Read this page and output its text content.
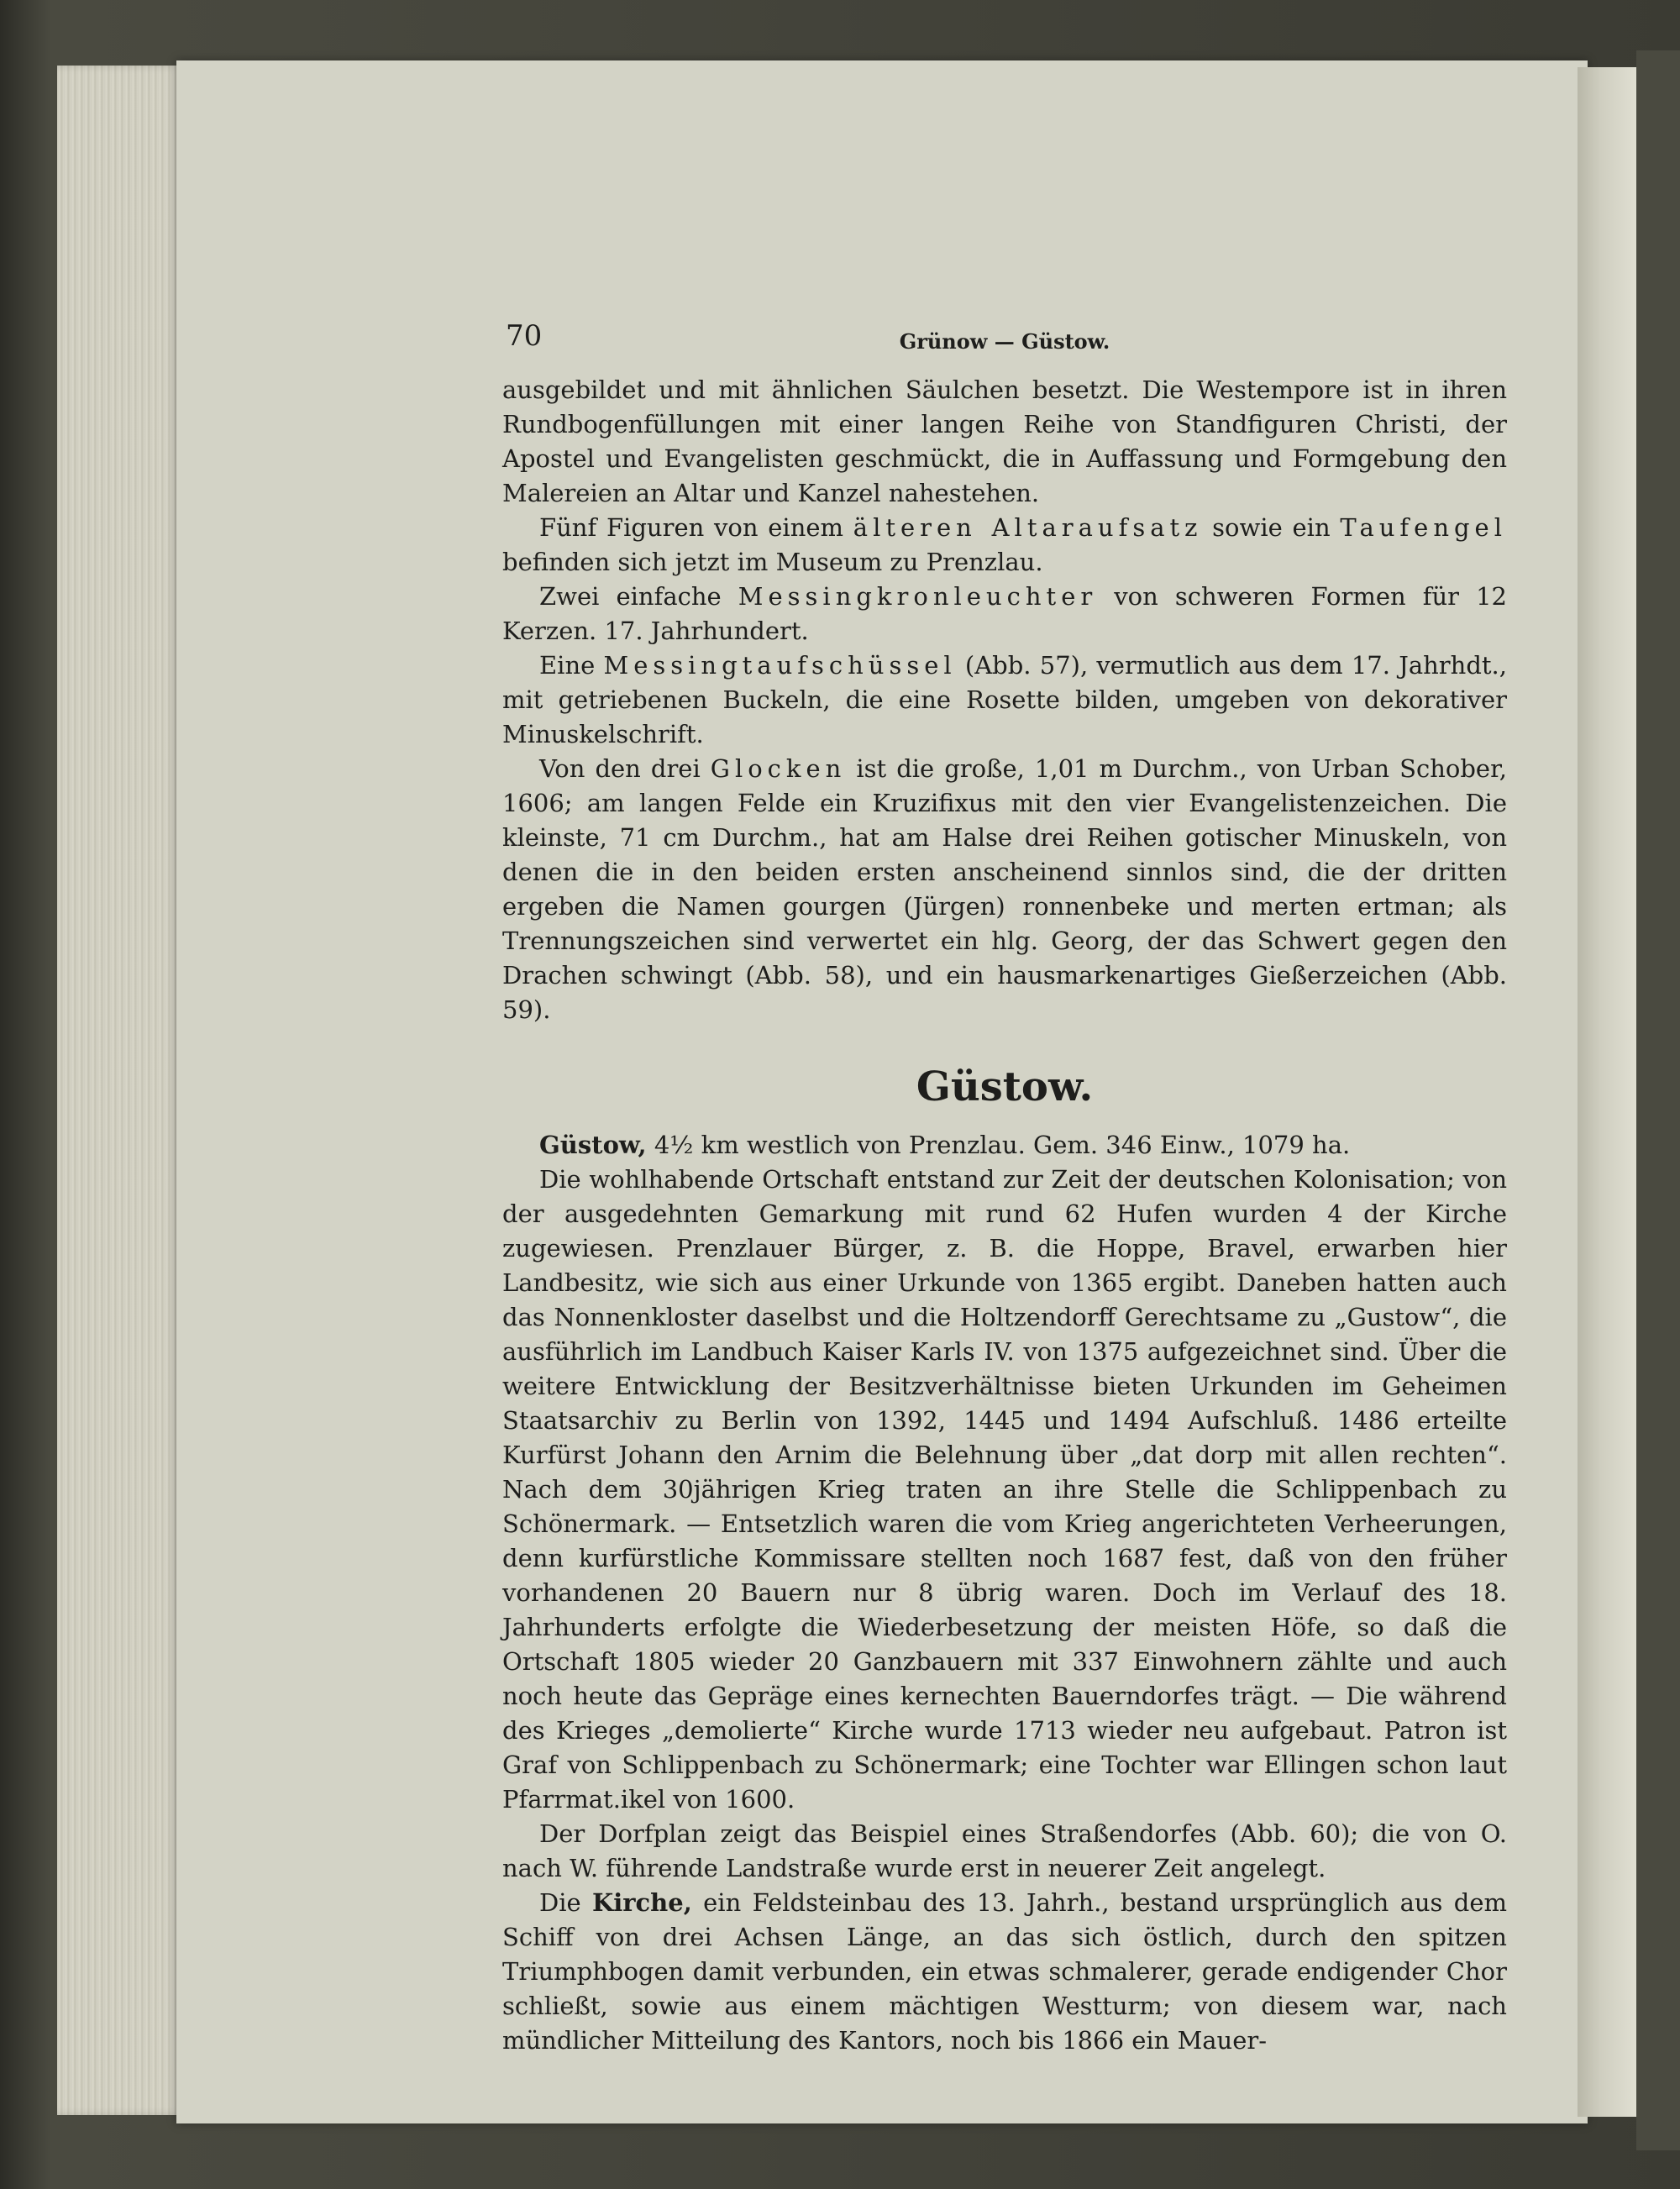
70	Grünow — Güstow.

ausgebildet und mit ähnlichen Säulchen besetzt. Die Westempore ist in ihren Rundbogenfüllungen mit einer langen Reihe von Standfiguren Christi, der Apostel und Evangelisten geschmückt, die in Auffassung und Formgebung den Malereien an Altar und Kanzel nahestehen.

Fünf Figuren von einem älteren Altaraufsatz sowie ein Taufengel befinden sich jetzt im Museum zu Prenzlau.

Zwei einfache Messingkronleuchter von schweren Formen für 12 Kerzen. 17. Jahrhundert.

Eine Messingtaufschüssel (Abb. 57), vermutlich aus dem 17. Jahrhdt., mit getriebenen Buckeln, die eine Rosette bilden, umgeben von dekorativer Minuskelschrift.

Von den drei Glocken ist die große, 1,01 m Durchm., von Urban Schober, 1606; am langen Felde ein Kruzifixus mit den vier Evangelistenzeichen. Die kleinste, 71 cm Durchm., hat am Halse drei Reihen gotischer Minuskeln, von denen die in den beiden ersten anscheinend sinnlos sind, die der dritten ergeben die Namen gourgen (Jürgen) ronnenbeke und merten ertman; als Trennungszeichen sind verwertet ein hlg. Georg, der das Schwert gegen den Drachen schwingt (Abb. 58), und ein hausmarkenartiges Gießerzeichen (Abb. 59).

Güstow.

Güstow, 4½ km westlich von Prenzlau. Gem. 346 Einw., 1079 ha.

Die wohlhabende Ortschaft entstand zur Zeit der deutschen Kolonisation; von der ausgedehnten Gemarkung mit rund 62 Hufen wurden 4 der Kirche zugewiesen. Prenzlauer Bürger, z. B. die Hoppe, Bravel, erwarben hier Landbesitz, wie sich aus einer Urkunde von 1365 ergibt. Daneben hatten auch das Nonnenkloster daselbst und die Holtzendorff Gerechtsame zu „Gustow“, die ausführlich im Landbuch Kaiser Karls IV. von 1375 aufgezeichnet sind. Über die weitere Entwicklung der Besitzverhältnisse bieten Urkunden im Geheimen Staatsarchiv zu Berlin von 1392, 1445 und 1494 Aufschluß. 1486 erteilte Kurfürst Johann den Arnim die Belehnung über „dat dorp mit allen rechten“. Nach dem 30jährigen Krieg traten an ihre Stelle die Schlippenbach zu Schönermark. — Entsetzlich waren die vom Krieg angerichteten Verheerungen, denn kurfürstliche Kommissare stellten noch 1687 fest, daß von den früher vorhandenen 20 Bauern nur 8 übrig waren. Doch im Verlauf des 18. Jahrhunderts erfolgte die Wiederbesetzung der meisten Höfe, so daß die Ortschaft 1805 wieder 20 Ganzbauern mit 337 Einwohnern zählte und auch noch heute das Gepräge eines kernechten Bauerndorfes trägt. — Die während des Krieges „demolierte“ Kirche wurde 1713 wieder neu aufgebaut. Patron ist Graf von Schlippenbach zu Schönermark; eine Tochter war Ellingen schon laut Pfarrmat.ikel von 1600.

Der Dorfplan zeigt das Beispiel eines Straßendorfes (Abb. 60); die von O. nach W. führende Landstraße wurde erst in neuerer Zeit angelegt.

Die Kirche, ein Feldsteinbau des 13. Jahrh., bestand ursprünglich aus dem Schiff von drei Achsen Länge, an das sich östlich, durch den spitzen Triumphbogen damit verbunden, ein etwas schmalerer, gerade endigender Chor schließt, sowie aus einem mächtigen Westturm; von diesem war, nach mündlicher Mitteilung des Kantors, noch bis 1866 ein Mauer-
